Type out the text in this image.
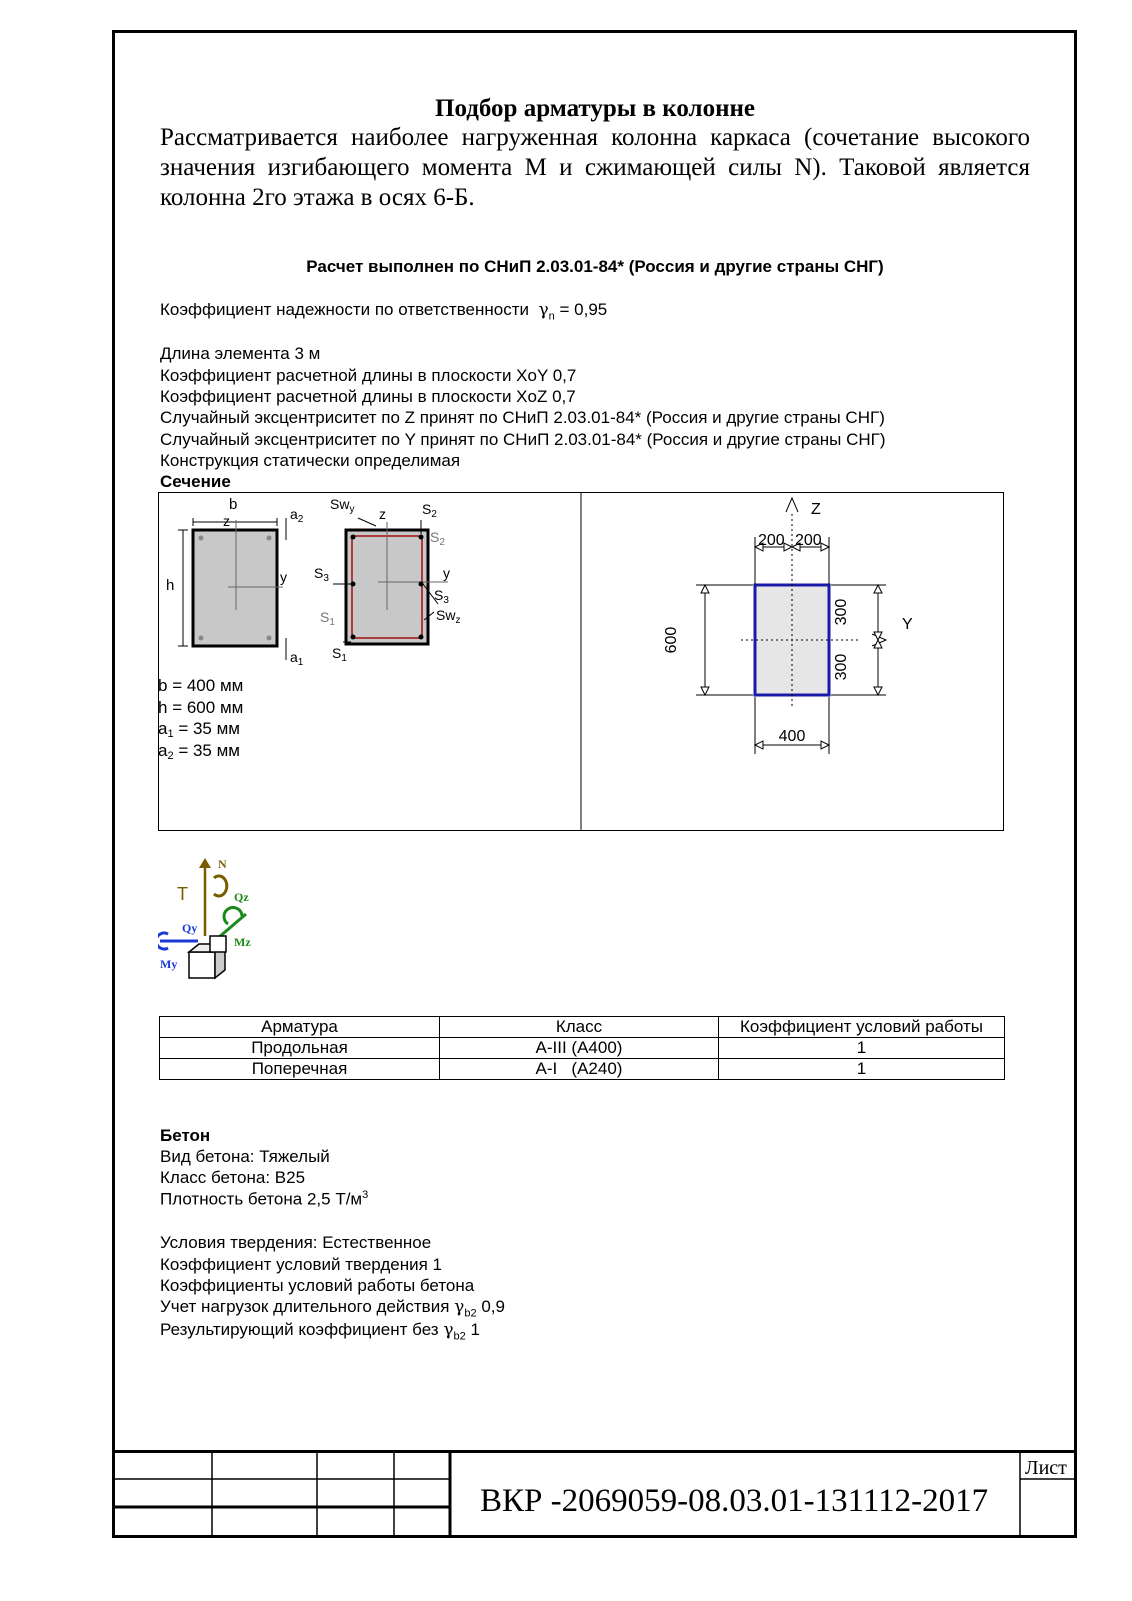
Подбор арматуры в колонне

Рассматривается наиболее нагруженная колонна каркаса (сочетание высокого значения изгибающего момента M и сжимающей силы N). Таковой является колонна 2го этажа в осях 6-Б.

Расчет выполнен по СНиП 2.03.01-84* (Россия и другие страны СНГ)
Коэффициент надежности по ответственности $\gamma_n = 0,95$
Длина элемента 3 м
Коэффициент расчетной длины в плоскости XoY 0,7
Коэффициент расчетной длины в плоскости XoZ 0,7
Случайный эксцентриситет по Z принят по СНиП 2.03.01-84* (Россия и другие страны СНГ)
Случайный эксцентриситет по Y принят по СНиП 2.03.01-84* (Россия и другие страны СНГ)
Конструкция статически определимая
Сечение
b
z
y
h
$a_2$
$a_1$
$Sw_y$ z	$S_2$
$S_2$
$S_3$	y
$S_3$
$Sw_z$
$S_1$
$S_1$
b = 400 мм
h = 600 мм
a1 = 35 мм
a2 = 35 мм
Z
Y
200 200
600
300
300
400
N
T	Qz
Mz
Qy
My
Арматура	Класс	Коэффициент условий работы
Продольная	A-III (A400)	1
Поперечная	A-I   (A240)	1
Бетон
Вид бетона: Тяжелый
Класс бетона: B25
Плотность бетона 2,5 $Т/м^3$
Условия твердения: Естественное
Коэффициент условий твердения 1
Коэффициенты условий работы бетона
Учет нагрузок длительного действия $\gamma_{b2}$ 0,9
Результирующий коэффициент без $\gamma_{b2}$ 1
ВКР -2069059-08.03.01-131112-2017
Лист
